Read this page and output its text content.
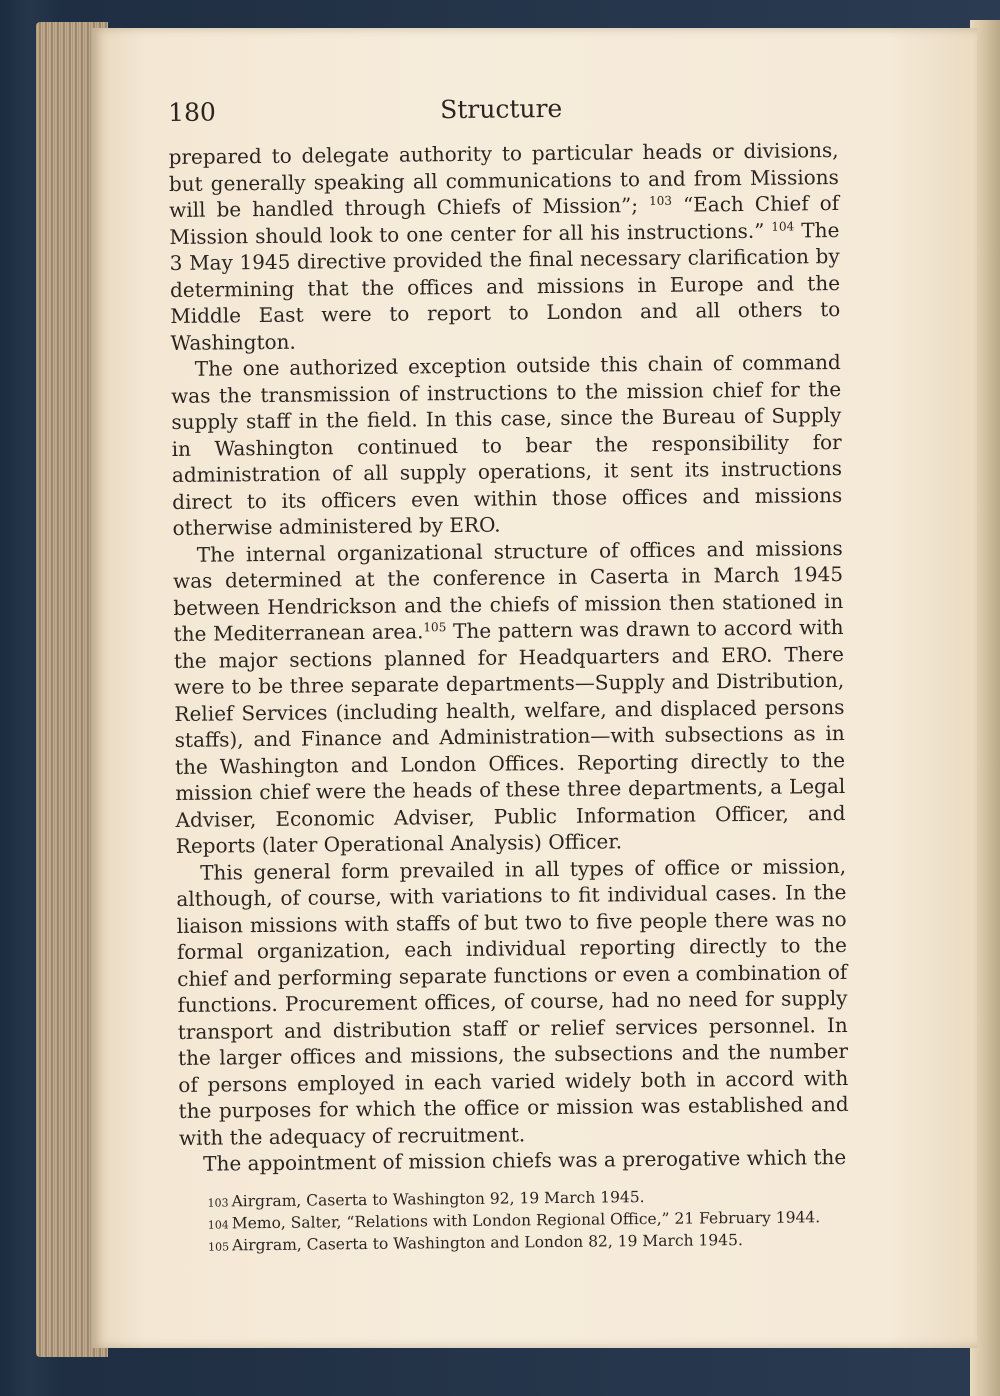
180	Structure

prepared to delegate authority to particular heads or divisions, but generally speaking all communications to and from Missions will be handled through Chiefs of Mission”; $^{103}$ “Each Chief of Mission should look to one center for all his instructions.” $^{104}$ The 3 May 1945 directive provided the final necessary clarification by determining that the offices and missions in Europe and the Middle East were to report to London and all others to Washington.

The one authorized exception outside this chain of command was the transmission of instructions to the mission chief for the supply staff in the field. In this case, since the Bureau of Supply in Washington continued to bear the responsibility for administration of all supply operations, it sent its instructions direct to its officers even within those offices and missions otherwise administered by ERO.

The internal organizational structure of offices and missions was determined at the conference in Caserta in March 1945 between Hendrickson and the chiefs of mission then stationed in the Mediterranean area.$^{105}$ The pattern was drawn to accord with the major sections planned for Headquarters and ERO. There were to be three separate departments—Supply and Distribution, Relief Services (including health, welfare, and displaced persons staffs), and Finance and Administration—with subsections as in the Washington and London Offices. Reporting directly to the mission chief were the heads of these three departments, a Legal Adviser, Economic Adviser, Public Information Officer, and Reports (later Operational Analysis) Officer.

This general form prevailed in all types of office or mission, although, of course, with variations to fit individual cases. In the liaison missions with staffs of but two to five people there was no formal organization, each individual reporting directly to the chief and performing separate functions or even a combination of functions. Procurement offices, of course, had no need for supply transport and distribution staff or relief services personnel. In the larger offices and missions, the subsections and the number of persons employed in each varied widely both in accord with the purposes for which the office or mission was established and with the adequacy of recruitment.

The appointment of mission chiefs was a prerogative which the

103 Airgram, Caserta to Washington 92, 19 March 1945.
104 Memo, Salter, “Relations with London Regional Office,” 21 February 1944.
105 Airgram, Caserta to Washington and London 82, 19 March 1945.
